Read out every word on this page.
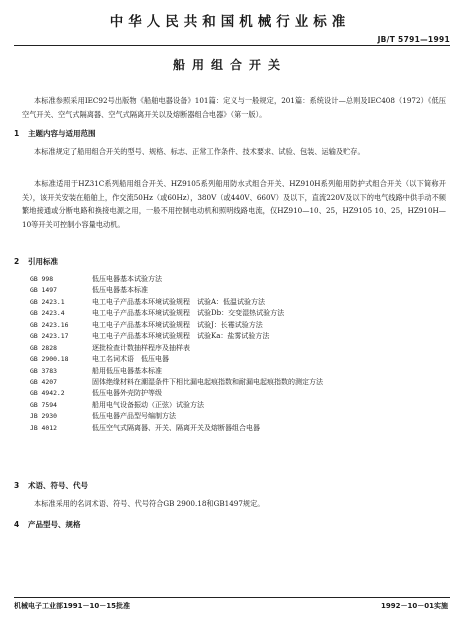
中华人民共和国机械行业标准
JB/T 5791—1991
船用组合开关

本标准参照采用IEC92号出版物《船舶电器设备》101篇：定义与一般规定，201篇：系统设计—总则及IEC408（1972）《低压空气开关、空气式隔离器、空气式隔离开关以及熔断器组合电器》（第一版）。

1 主题内容与适用范围

本标准规定了船用组合开关的型号、规格、标志、正常工作条件、技术要求、试验、包装、运输及贮存。

本标准适用于HZ31C系列船用组合开关、HZ9105系列船用防水式组合开关、HZ910H系列船用防护式组合开关（以下简称开关），该开关安装在船舶上，作交流50Hz（或60Hz），380V（或440V、660V）及以下，直流220V及以下的电气线路中供手动不频繁地接通或分断电路和换接电源之用，一般不用控制电动机和照明线路电流，仅HZ910—10、25，HZ9105 10、25，HZ910H—10等开关可控制小容量电动机。

2 引用标准
GB 998	低压电器基本试验方法
GB 1497	低压电器基本标准
GB 2423.1	电工电子产品基本环境试验规程　试验A：低温试验方法
GB 2423.4	电工电子产品基本环境试验规程　试验Db：交变湿热试验方法
GB 2423.16	电工电子产品基本环境试验规程　试验J：长霉试验方法
GB 2423.17	电工电子产品基本环境试验规程　试验Ka：盐雾试验方法
GB 2828	逐批检查计数抽样程序及抽样表
GB 2900.18	电工名词术语　低压电器
GB 3783	船用低压电器基本标准
GB 4207	固体绝缘材料在潮湿条件下相比漏电起痕指数和耐漏电起痕指数的测定方法
GB 4942.2	低压电器外壳防护等级
GB 7594	船用电气设备振动（正弦）试验方法
JB 2930	低压电器产品型号编制方法
JB 4012	低压空气式隔离器、开关、隔离开关及熔断器组合电器
3 术语、符号、代号

本标准采用的名词术语、符号、代号符合GB 2900.18和GB1497规定。

4 产品型号、规格
机械电子工业部1991－10－15批准	1992－10－01实施
